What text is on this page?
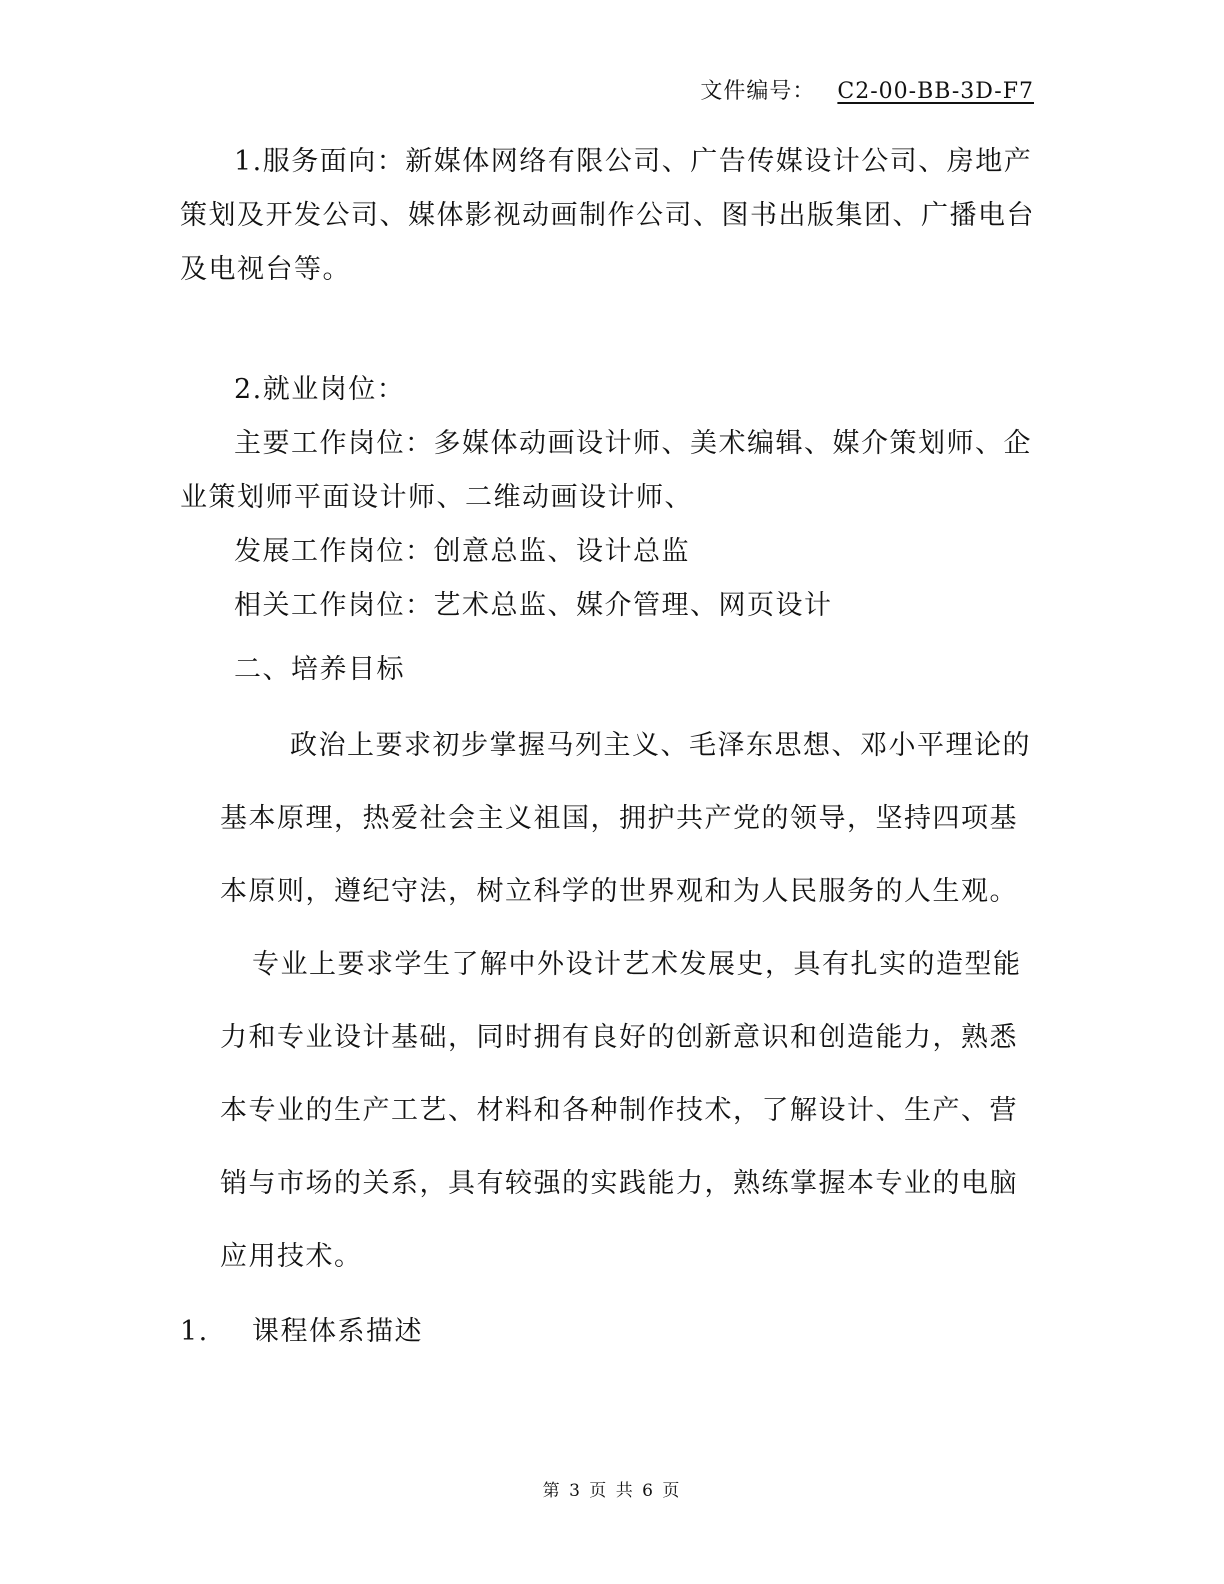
文件编号： C2-00-BB-3D-F7

1.服务面向：新媒体网络有限公司、广告传媒设计公司、房地产策划及开发公司、媒体影视动画制作公司、图书出版集团、广播电台及电视台等。

2.就业岗位：

主要工作岗位：多媒体动画设计师、美术编辑、媒介策划师、企业策划师平面设计师、二维动画设计师、

发展工作岗位：创意总监、设计总监

相关工作岗位：艺术总监、媒介管理、网页设计

二、培养目标

政治上要求初步掌握马列主义、毛泽东思想、邓小平理论的基本原理，热爱社会主义祖国，拥护共产党的领导，坚持四项基本原则，遵纪守法，树立科学的世界观和为人民服务的人生观。

专业上要求学生了解中外设计艺术发展史，具有扎实的造型能力和专业设计基础，同时拥有良好的创新意识和创造能力，熟悉本专业的生产工艺、材料和各种制作技术，了解设计、生产、营销与市场的关系，具有较强的实践能力，熟练掌握本专业的电脑应用技术。

1.	课程体系描述
第 3 页 共 6 页
